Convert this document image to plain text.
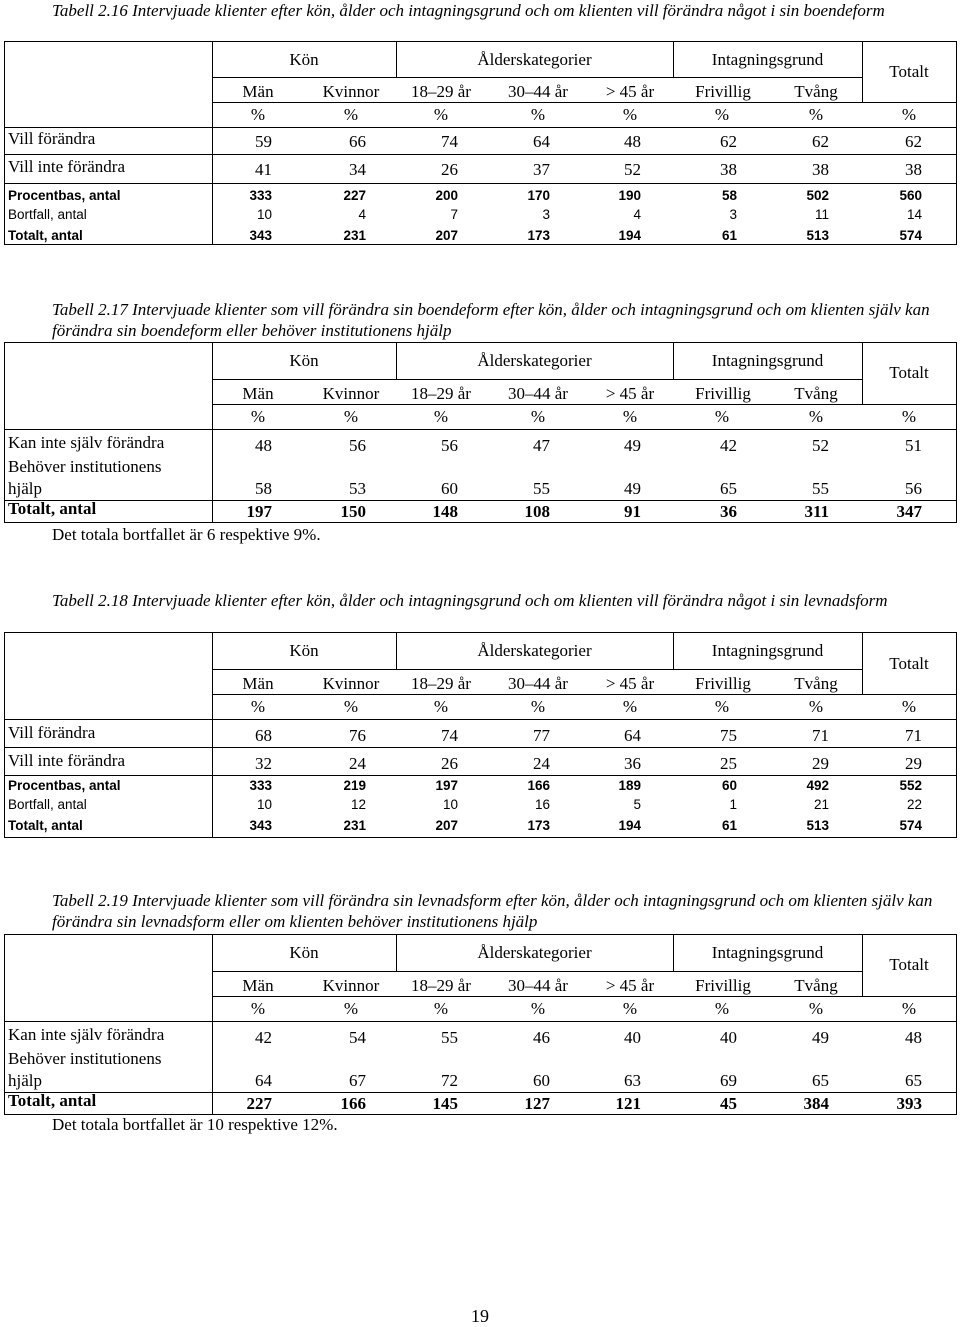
Tabell 2.16 Intervjuade klienter efter kön, ålder och intagningsgrund och om klienten vill förändra något i sin boendeform
Kön	Ålderskategorier	Intagningsgrund
Totalt
Män	Kvinnor	18–29 år	30–44 år	> 45 år	Frivillig	Tvång
%	%	%	%	%	%	%	%
Vill förändra	59	66	74	64	48	62	62	62
Vill inte förändra	41	34	26	37	52	38	38	38
Procentbas, antal	333	227	200	170	190	58	502	560
Bortfall, antal	10	4	7	3	4	3	11	14
Totalt, antal	343	231	207	173	194	61	513	574
Tabell 2.17 Intervjuade klienter som vill förändra sin boendeform efter kön, ålder och intagningsgrund och om klienten själv kan förändra sin boendeform eller behöver institutionens hjälp
Kön	Ålderskategorier	Intagningsgrund
Totalt
Män	Kvinnor	18–29 år	30–44 år	> 45 år	Frivillig	Tvång
%	%	%	%	%	%	%	%
Kan inte själv förändra	48	56	56	47	49	42	52	51
Behöver institutionens
hjälp	58	53	60	55	49	65	55	56
Totalt, antal	197	150	148	108	91	36	311	347
Det totala bortfallet är 6 respektive 9%.
Tabell 2.18 Intervjuade klienter efter kön, ålder och intagningsgrund och om klienten vill förändra något i sin levnadsform
Kön	Ålderskategorier	Intagningsgrund
Totalt
Män	Kvinnor	18–29 år	30–44 år	> 45 år	Frivillig	Tvång
%	%	%	%	%	%	%	%
Vill förändra	68	76	74	77	64	75	71	71
Vill inte förändra	32	24	26	24	36	25	29	29
Procentbas, antal	333	219	197	166	189	60	492	552
Bortfall, antal	10	12	10	16	5	1	21	22
Totalt, antal	343	231	207	173	194	61	513	574
Tabell 2.19 Intervjuade klienter som vill förändra sin levnadsform efter kön, ålder och intagningsgrund och om klienten själv kan förändra sin levnadsform eller om klienten behöver institutionens hjälp
Kön	Ålderskategorier	Intagningsgrund
Totalt
Män	Kvinnor	18–29 år	30–44 år	> 45 år	Frivillig	Tvång
%	%	%	%	%	%	%	%
Kan inte själv förändra	42	54	55	46	40	40	49	48
Behöver institutionens
hjälp	64	67	72	60	63	69	65	65
Totalt, antal	227	166	145	127	121	45	384	393
Det totala bortfallet är 10 respektive 12%.
19
